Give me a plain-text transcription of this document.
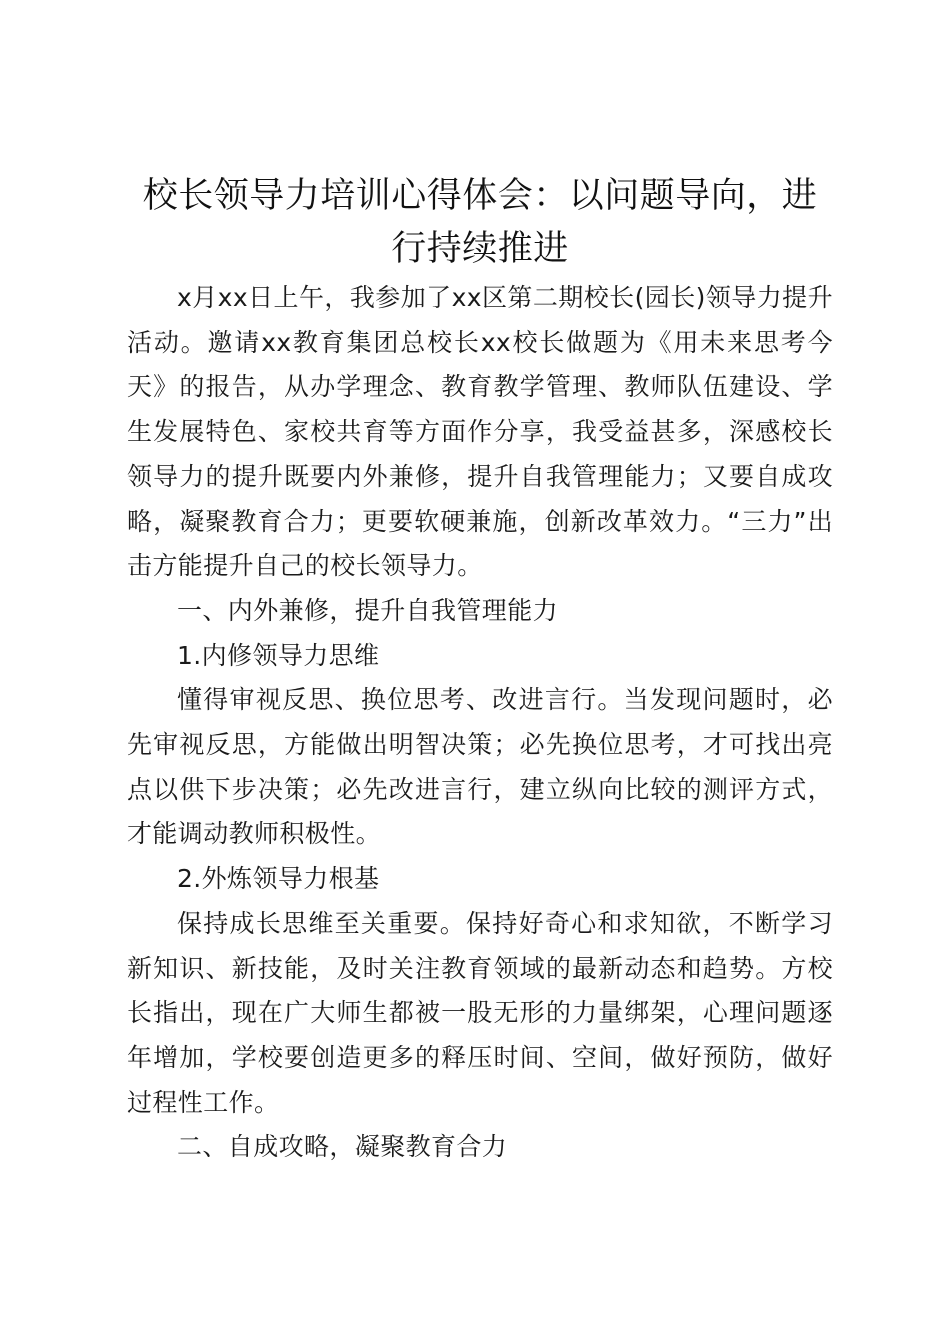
校长领导力培训心得体会：以问题导向，进行持续推进

x月xx日上午，我参加了xx区第二期校长(园长)领导力提升活动。邀请xx教育集团总校长xx校长做题为《用未来思考今天》的报告，从办学理念、教育教学管理、教师队伍建设、学生发展特色、家校共育等方面作分享，我受益甚多，深感校长领导力的提升既要内外兼修，提升自我管理能力；又要自成攻略，凝聚教育合力；更要软硬兼施，创新改革效力。“三力”出击方能提升自己的校长领导力。

一、内外兼修，提升自我管理能力

1.内修领导力思维

懂得审视反思、换位思考、改进言行。当发现问题时，必先审视反思，方能做出明智决策；必先换位思考，才可找出亮点以供下步决策；必先改进言行，建立纵向比较的测评方式，才能调动教师积极性。

2.外炼领导力根基

保持成长思维至关重要。保持好奇心和求知欲，不断学习新知识、新技能，及时关注教育领域的最新动态和趋势。方校长指出，现在广大师生都被一股无形的力量绑架，心理问题逐年增加，学校要创造更多的释压时间、空间，做好预防，做好过程性工作。

二、自成攻略，凝聚教育合力
